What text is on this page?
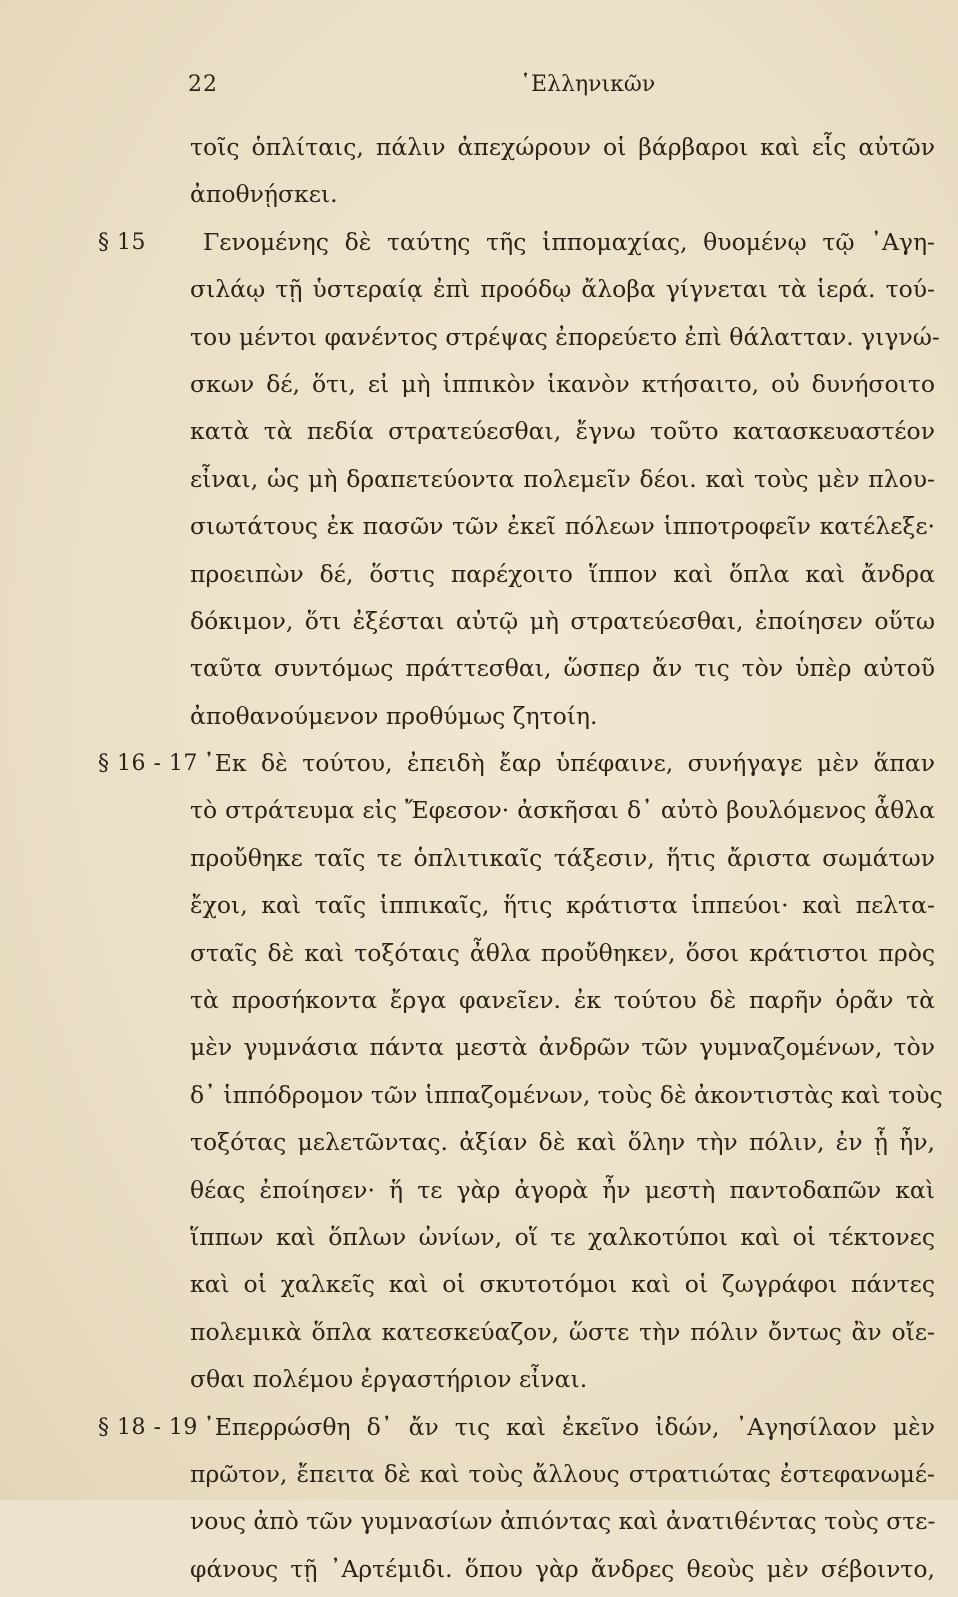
22	῾Ελληνικῶν
τοῖς ὁπλίταις, πάλιν ἀπεχώρουν οἱ βάρβαροι καὶ εἷς αὐτῶν
ἀποθνῄσκει.
§ 15 Γενομένης δὲ ταύτης τῆς ἱππομαχίας, θυομένῳ τῷ ᾿Αγη-
σιλάῳ τῇ ὑστεραίᾳ ἐπὶ προόδῳ ἄλοβα γίγνεται τὰ ἱερά. τού-
του μέντοι φανέντος στρέψας ἐπορεύετο ἐπὶ θάλατταν. γιγνώ-
σκων δέ, ὅτι, εἰ μὴ ἱππικὸν ἱκανὸν κτήσαιτο, οὐ δυνήσοιτο
κατὰ τὰ πεδία στρατεύεσθαι, ἔγνω τοῦτο κατασκευαστέον
εἶναι, ὡς μὴ δραπετεύοντα πολεμεῖν δέοι. καὶ τοὺς μὲν πλου-
σιωτάτους ἐκ πασῶν τῶν ἐκεῖ πόλεων ἱπποτροφεῖν κατέλεξε·
προειπὼν δέ, ὅστις παρέχοιτο ἵππον καὶ ὅπλα καὶ ἄνδρα
δόκιμον, ὅτι ἐξέσται αὐτῷ μὴ στρατεύεσθαι, ἐποίησεν οὕτω
ταῦτα συντόμως πράττεσθαι, ὥσπερ ἄν τις τὸν ὑπὲρ αὐτοῦ
ἀποθανούμενον προθύμως ζητοίη.
§ 16 - 17 ᾿Εκ δὲ τούτου, ἐπειδὴ ἔαρ ὑπέφαινε, συνήγαγε μὲν ἅπαν
τὸ στράτευμα εἰς Ἔφεσον· ἀσκῆσαι δ᾿ αὐτὸ βουλόμενος ἆθλα
προὔθηκε ταῖς τε ὁπλιτικαῖς τάξεσιν, ἥτις ἄριστα σωμάτων
ἔχοι, καὶ ταῖς ἱππικαῖς, ἥτις κράτιστα ἱππεύοι· καὶ πελτα-
σταῖς δὲ καὶ τοξόταις ἆθλα προὔθηκεν, ὅσοι κράτιστοι πρὸς
τὰ προσήκοντα ἔργα φανεῖεν. ἐκ τούτου δὲ παρῆν ὁρᾶν τὰ
μὲν γυμνάσια πάντα μεστὰ ἀνδρῶν τῶν γυμναζομένων, τὸν
δ᾿ ἱππόδρομον τῶν ἱππαζομένων, τοὺς δὲ ἀκοντιστὰς καὶ τοὺς
τοξότας μελετῶντας. ἀξίαν δὲ καὶ ὅλην τὴν πόλιν, ἐν ᾗ ἦν,
θέας ἐποίησεν· ἥ τε γὰρ ἀγορὰ ἦν μεστὴ παντοδαπῶν καὶ
ἵππων καὶ ὅπλων ὠνίων, οἵ τε χαλκοτύποι καὶ οἱ τέκτονες
καὶ οἱ χαλκεῖς καὶ οἱ σκυτοτόμοι καὶ οἱ ζωγράφοι πάντες
πολεμικὰ ὅπλα κατεσκεύαζον, ὥστε τὴν πόλιν ὄντως ἂν οἴε-
σθαι πολέμου ἐργαστήριον εἶναι.
§ 18 - 19 ᾿Επερρώσθη δ᾿ ἄν τις καὶ ἐκεῖνο ἰδών, ᾿Αγησίλαον μὲν
πρῶτον, ἔπειτα δὲ καὶ τοὺς ἄλλους στρατιώτας ἐστεφανωμέ-
νους ἀπὸ τῶν γυμνασίων ἀπιόντας καὶ ἀνατιθέντας τοὺς στε-
φάνους τῇ ᾿Αρτέμιδι. ὅπου γὰρ ἄνδρες θεοὺς μὲν σέβοιντο,
